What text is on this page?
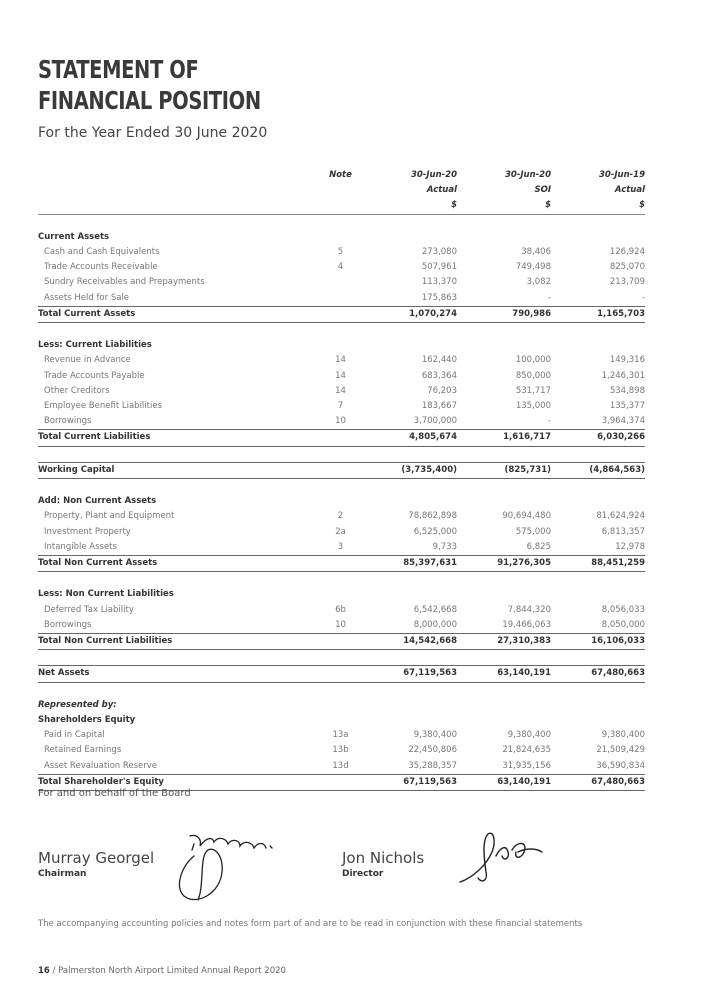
STATEMENT OF
FINANCIAL POSITION
For the Year Ended 30 June 2020
	Note	30-Jun-20	30-Jun-20	30-Jun-19
		Actual	SOI	Actual
		$	$	$

Current Assets				
Cash and Cash Equivalents	5	273,080	38,406	126,924
Trade Accounts Receivable	4	507,961	749,498	825,070
Sundry Receivables and Prepayments		113,370	3,082	213,709
Assets Held for Sale		175,863	-	-
Total Current Assets		1,070,274	790,986	1,165,703

Less: Current Liabilities				
Revenue in Advance	14	162,440	100,000	149,316
Trade Accounts Payable	14	683,364	850,000	1,246,301
Other Creditors	14	76,203	531,717	534,898
Employee Benefit Liabilities	7	183,667	135,000	135,377
Borrowings	10	3,700,000	-	3,964,374
Total Current Liabilities		4,805,674	1,616,717	6,030,266

Working Capital		(3,735,400)	(825,731)	(4,864,563)

Add: Non Current Assets				
Property, Plant and Equipment	2	78,862,898	90,694,480	81,624,924
Investment Property	2a	6,525,000	575,000	6,813,357
Intangible Assets	3	9,733	6,825	12,978
Total Non Current Assets		85,397,631	91,276,305	88,451,259

Less: Non Current Liabilities				
Deferred Tax Liability	6b	6,542,668	7,844,320	8,056,033
Borrowings	10	8,000,000	19,466,063	8,050,000
Total Non Current Liabilities		14,542,668	27,310,383	16,106,033

Net Assets		67,119,563	63,140,191	67,480,663

Represented by:				
Shareholders Equity				
Paid in Capital	13a	9,380,400	9,380,400	9,380,400
Retained Earnings	13b	22,450,806	21,824,635	21,509,429
Asset Revaluation Reserve	13d	35,288,357	31,935,156	36,590,834
Total Shareholder's Equity		67,119,563	63,140,191	67,480,663
For and on behalf of the Board
Murray Georgel
Chairman
Jon Nichols
Director
The accompanying accounting policies and notes form part of and are to be read in conjunction with these financial statements
16 / Palmerston North Airport Limited Annual Report 2020
